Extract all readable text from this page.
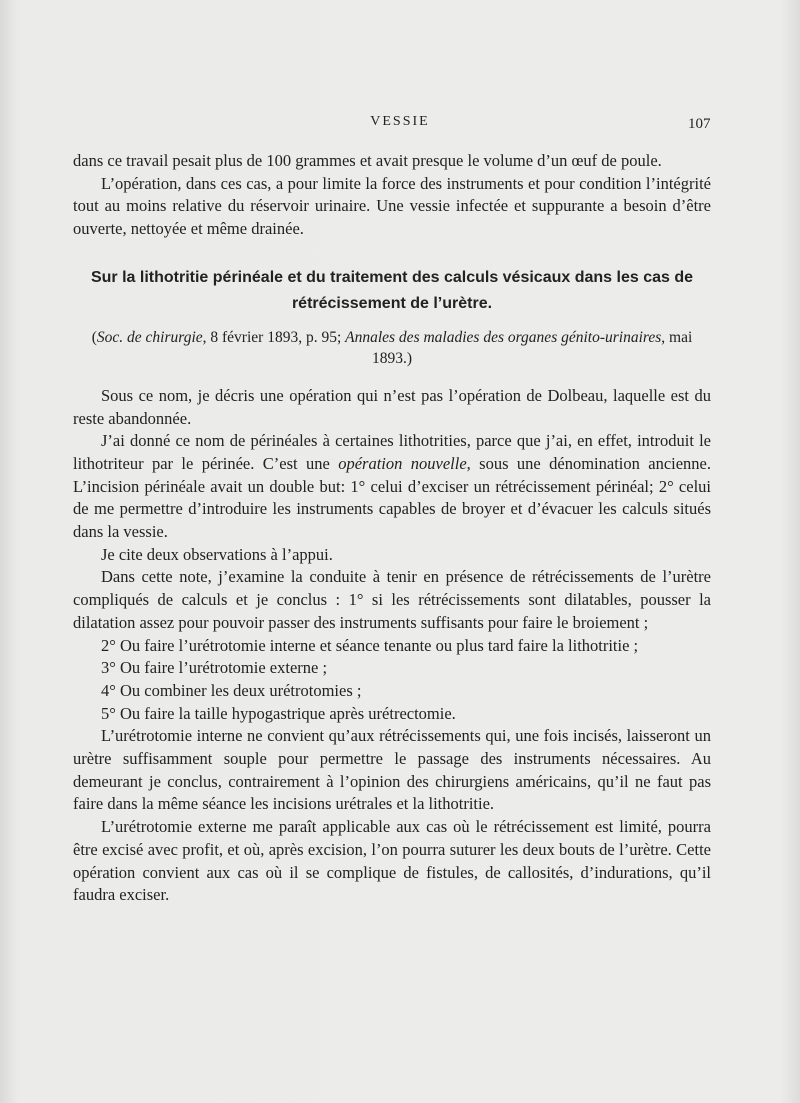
VESSIE	107

dans ce travail pesait plus de 100 grammes et avait presque le volume d’un œuf de poule.

L’opération, dans ces cas, a pour limite la force des instruments et pour condition l’intégrité tout au moins relative du réservoir urinaire. Une vessie infectée et suppurante a besoin d’être ouverte, nettoyée et même drainée.

Sur la lithotritie périnéale et du traitement des calculs vésicaux dans les cas de rétrécissement de l’urètre.
(Soc. de chirurgie, 8 février 1893, p. 95; Annales des maladies des organes génito-urinaires, mai 1893.)

Sous ce nom, je décris une opération qui n’est pas l’opération de Dolbeau, laquelle est du reste abandonnée.

J’ai donné ce nom de périnéales à certaines lithotrities, parce que j’ai, en effet, introduit le lithotriteur par le périnée. C’est une opération nouvelle, sous une dénomination ancienne. L’incision périnéale avait un double but: 1° celui d’exciser un rétrécissement périnéal; 2° celui de me permettre d’introduire les instruments capables de broyer et d’évacuer les calculs situés dans la vessie.

Je cite deux observations à l’appui.

Dans cette note, j’examine la conduite à tenir en présence de rétrécissements de l’urètre compliqués de calculs et je conclus : 1° si les rétrécissements sont dilatables, pousser la dilatation assez pour pouvoir passer des instruments suffisants pour faire le broiement ;

2° Ou faire l’urétrotomie interne et séance tenante ou plus tard faire la lithotritie ;

3° Ou faire l’urétrotomie externe ;

4° Ou combiner les deux urétrotomies ;

5° Ou faire la taille hypogastrique après urétrectomie.

L’urétrotomie interne ne convient qu’aux rétrécissements qui, une fois incisés, laisseront un urètre suffisamment souple pour permettre le passage des instruments nécessaires. Au demeurant je conclus, contrairement à l’opinion des chirurgiens américains, qu’il ne faut pas faire dans la même séance les incisions urétrales et la lithotritie.

L’urétrotomie externe me paraît applicable aux cas où le rétrécissement est limité, pourra être excisé avec profit, et où, après excision, l’on pourra suturer les deux bouts de l’urètre. Cette opération convient aux cas où il se complique de fistules, de callosités, d’indurations, qu’il faudra exciser.
